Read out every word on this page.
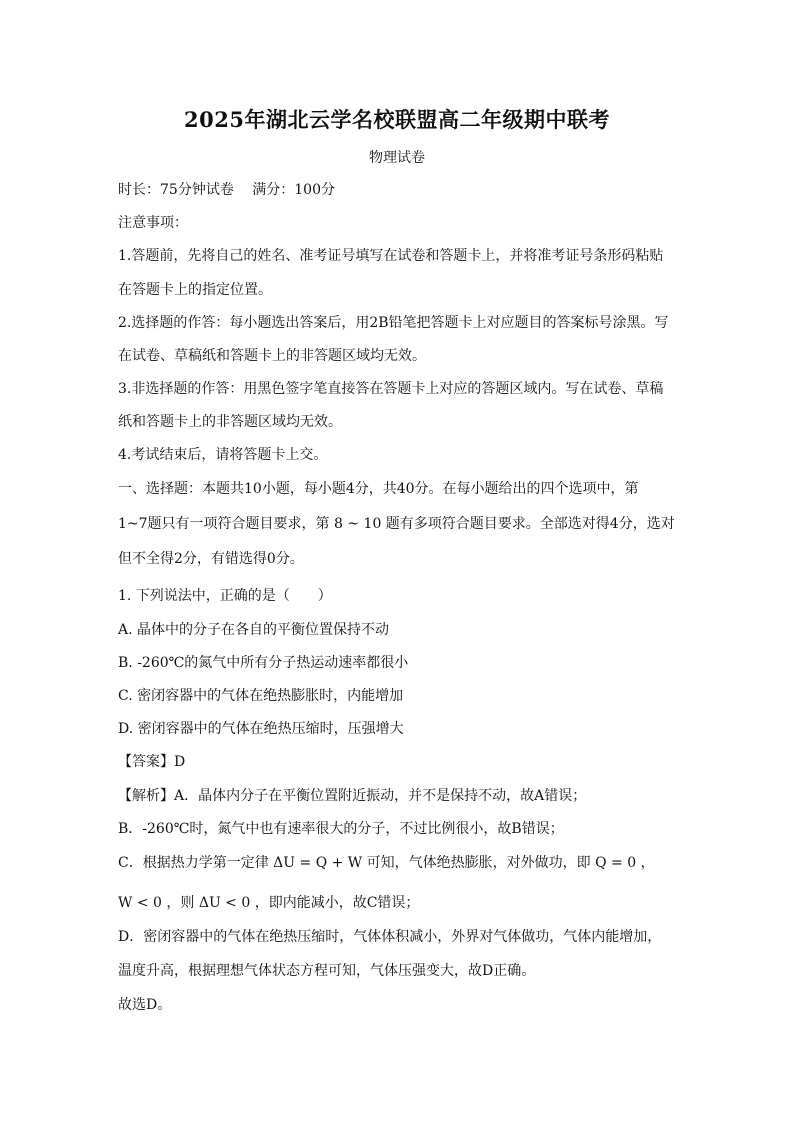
2025年湖北云学名校联盟高二年级期中联考
物理试卷
时长：75分钟试卷　 满分：100分
注意事项：
1.答题前，先将自己的姓名、准考证号填写在试卷和答题卡上，并将准考证号条形码粘贴
在答题卡上的指定位置。
2.选择题的作答：每小题选出答案后，用2B铅笔把答题卡上对应题目的答案标号涂黑。写
在试卷、草稿纸和答题卡上的非答题区域均无效。
3.非选择题的作答：用黑色签字笔直接答在答题卡上对应的答题区域内。写在试卷、草稿
纸和答题卡上的非答题区域均无效。
4.考试结束后，请将答题卡上交。
一、选择题：本题共10小题，每小题4分，共40分。在每小题给出的四个选项中，第
1~7题只有一项符合题目要求，第 8 ~ 10 题有多项符合题目要求。全部选对得4分，选对
但不全得2分，有错选得0分。
1. 下列说法中，正确的是（　　）
A. 晶体中的分子在各自的平衡位置保持不动
B. -260℃的氮气中所有分子热运动速率都很小
C. 密闭容器中的气体在绝热膨胀时，内能增加
D. 密闭容器中的气体在绝热压缩时，压强增大
【答案】D
【解析】A．晶体内分子在平衡位置附近振动，并不是保持不动，故A错误；
B．-260℃时，氮气中也有速率很大的分子，不过比例很小，故B错误；
C．根据热力学第一定律 ΔU = Q + W 可知，气体绝热膨胀，对外做功，即 Q = 0 ，
W < 0 ，则 ΔU < 0 ，即内能减小，故C错误；
D．密闭容器中的气体在绝热压缩时，气体体积减小，外界对气体做功，气体内能增加，
温度升高，根据理想气体状态方程可知，气体压强变大，故D正确。
故选D。
